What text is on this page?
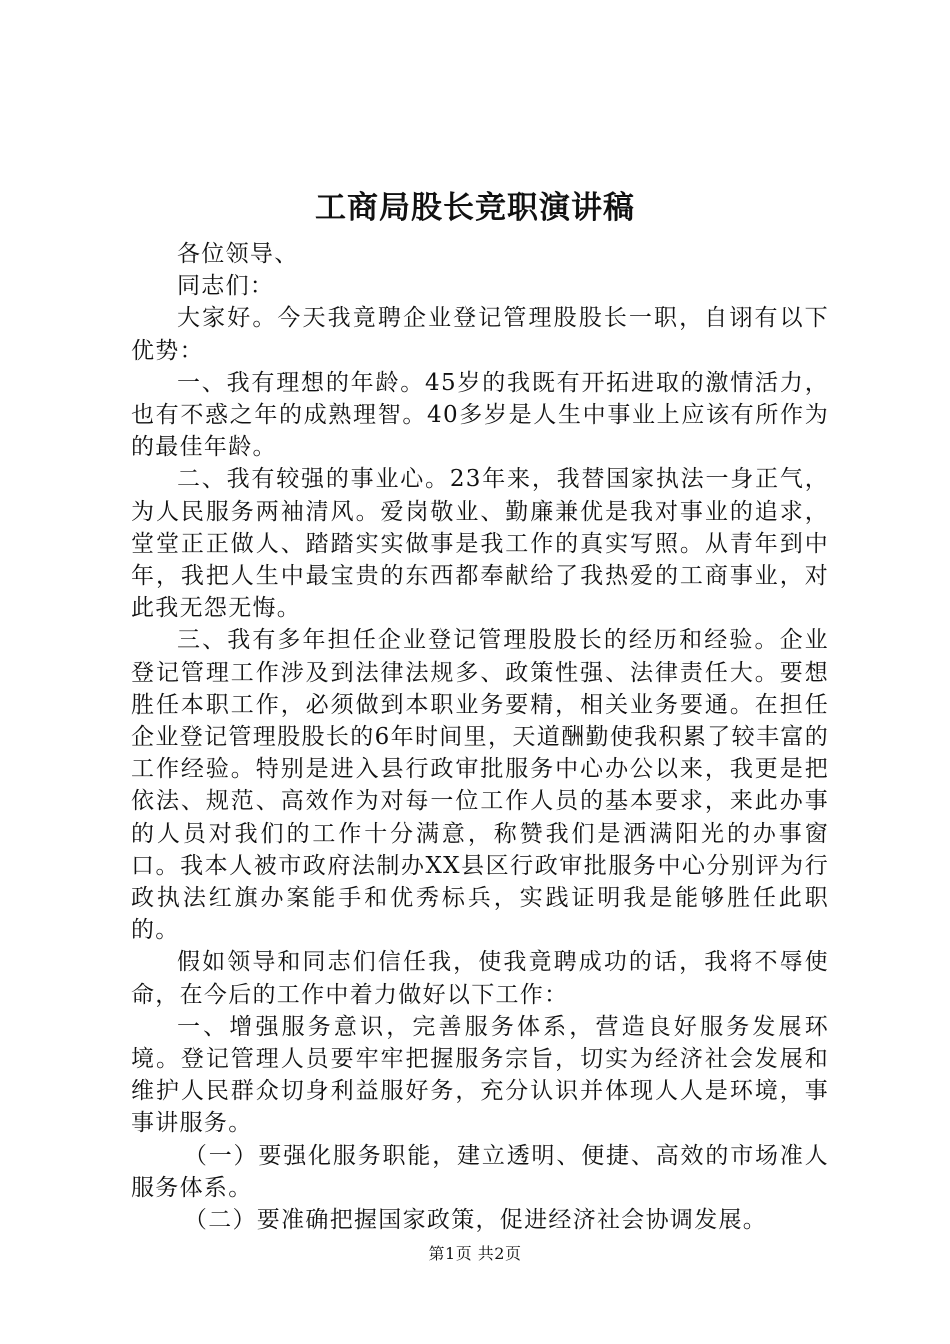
工商局股长竞职演讲稿

各位领导、

同志们：

大家好。今天我竟聘企业登记管理股股长一职，自诩有以下优势：

一、我有理想的年龄。45岁的我既有开拓进取的激情活力，也有不惑之年的成熟理智。40多岁是人生中事业上应该有所作为的最佳年龄。

二、我有较强的事业心。23年来，我替国家执法一身正气，为人民服务两袖清风。爱岗敬业、勤廉兼优是我对事业的追求，堂堂正正做人、踏踏实实做事是我工作的真实写照。从青年到中年，我把人生中最宝贵的东西都奉献给了我热爱的工商事业，对此我无怨无悔。

三、我有多年担任企业登记管理股股长的经历和经验。企业登记管理工作涉及到法律法规多、政策性强、法律责任大。要想胜任本职工作，必须做到本职业务要精，相关业务要通。在担任企业登记管理股股长的6年时间里，天道酬勤使我积累了较丰富的工作经验。特别是进入县行政审批服务中心办公以来，我更是把依法、规范、高效作为对每一位工作人员的基本要求，来此办事的人员对我们的工作十分满意，称赞我们是洒满阳光的办事窗口。我本人被市政府法制办XX县区行政审批服务中心分别评为行政执法红旗办案能手和优秀标兵，实践证明我是能够胜任此职的。

假如领导和同志们信任我，使我竟聘成功的话，我将不辱使命，在今后的工作中着力做好以下工作：

一、增强服务意识，完善服务体系，营造良好服务发展环境。登记管理人员要牢牢把握服务宗旨，切实为经济社会发展和维护人民群众切身利益服好务，充分认识并体现人人是环境，事事讲服务。

（一）要强化服务职能，建立透明、便捷、高效的市场准人服务体系。

（二）要准确把握国家政策，促进经济社会协调发展。

第1页 共2页
